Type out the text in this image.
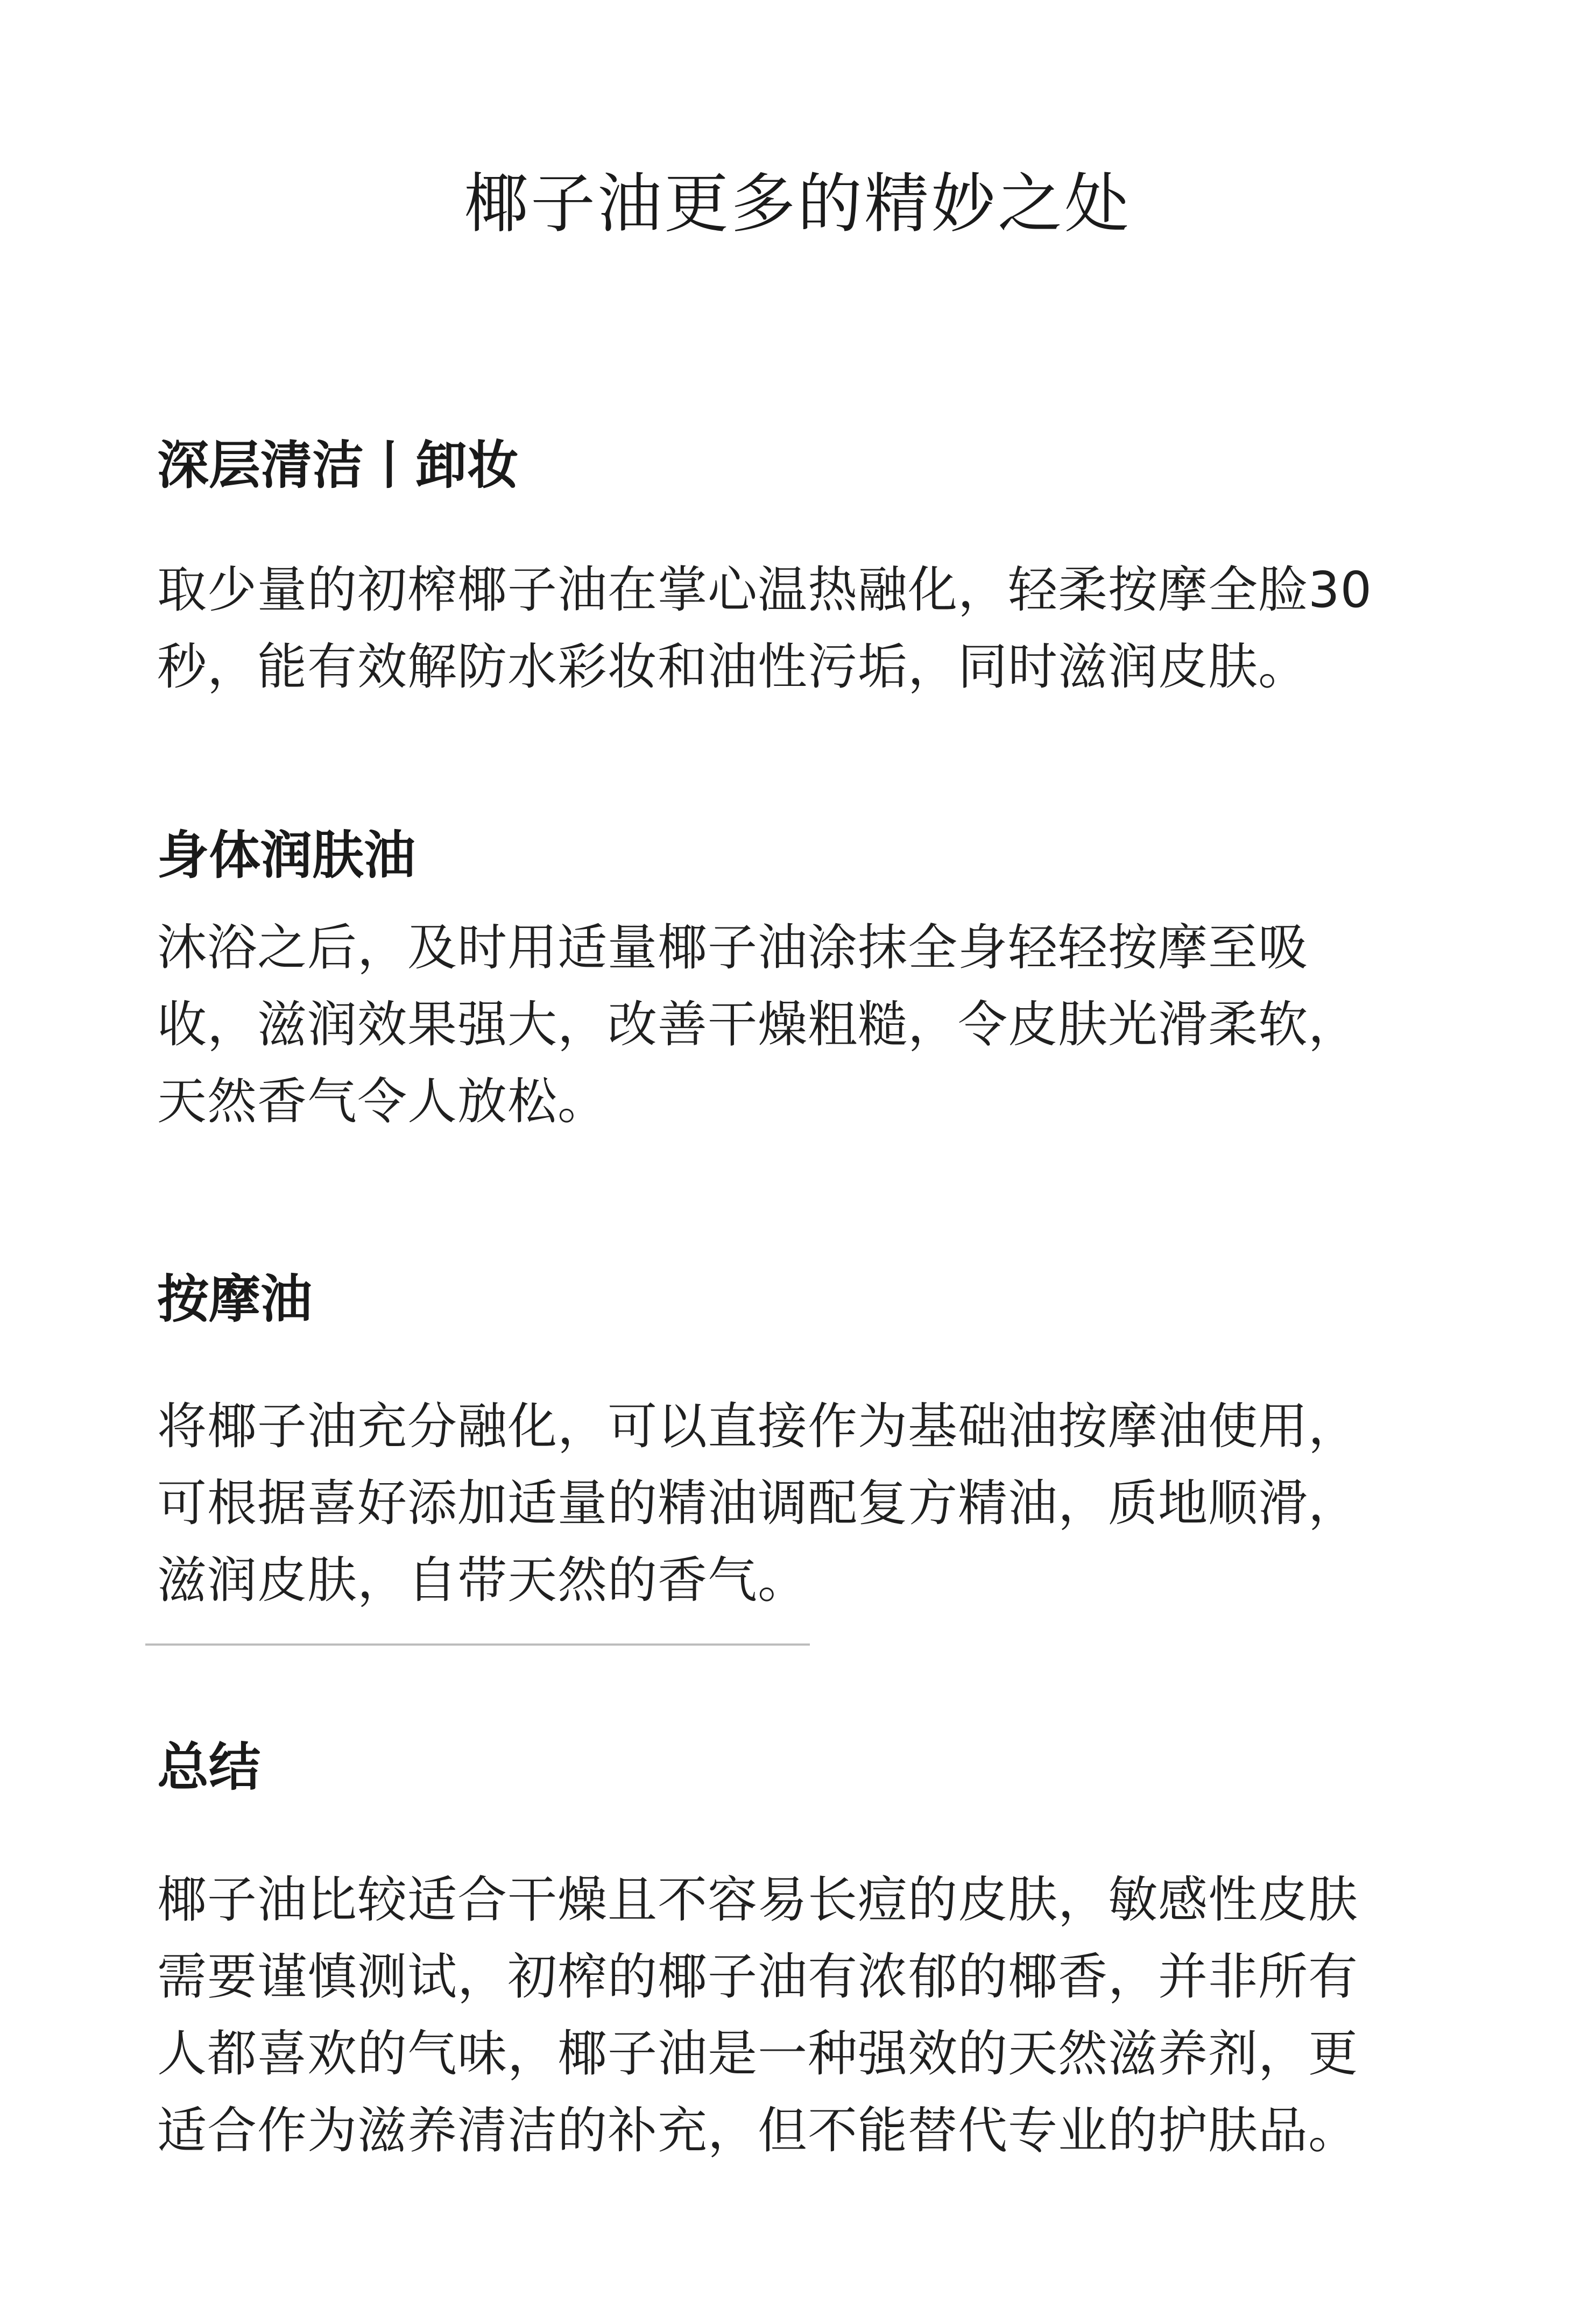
椰子油更多的精妙之处
深层清洁丨卸妆

取少量的初榨椰子油在掌心温热融化，轻柔按摩全脸30
秒，能有效解防水彩妆和油性污垢，同时滋润皮肤。

身体润肤油

沐浴之后，及时用适量椰子油涂抹全身轻轻按摩至吸
收，滋润效果强大，改善干燥粗糙，令皮肤光滑柔软，
天然香气令人放松。

按摩油

将椰子油充分融化，可以直接作为基础油按摩油使用，
可根据喜好添加适量的精油调配复方精油，质地顺滑，
滋润皮肤，自带天然的香气。

总结

椰子油比较适合干燥且不容易长痘的皮肤，敏感性皮肤
需要谨慎测试，初榨的椰子油有浓郁的椰香，并非所有
人都喜欢的气味，椰子油是一种强效的天然滋养剂，更
适合作为滋养清洁的补充，但不能替代专业的护肤品。
